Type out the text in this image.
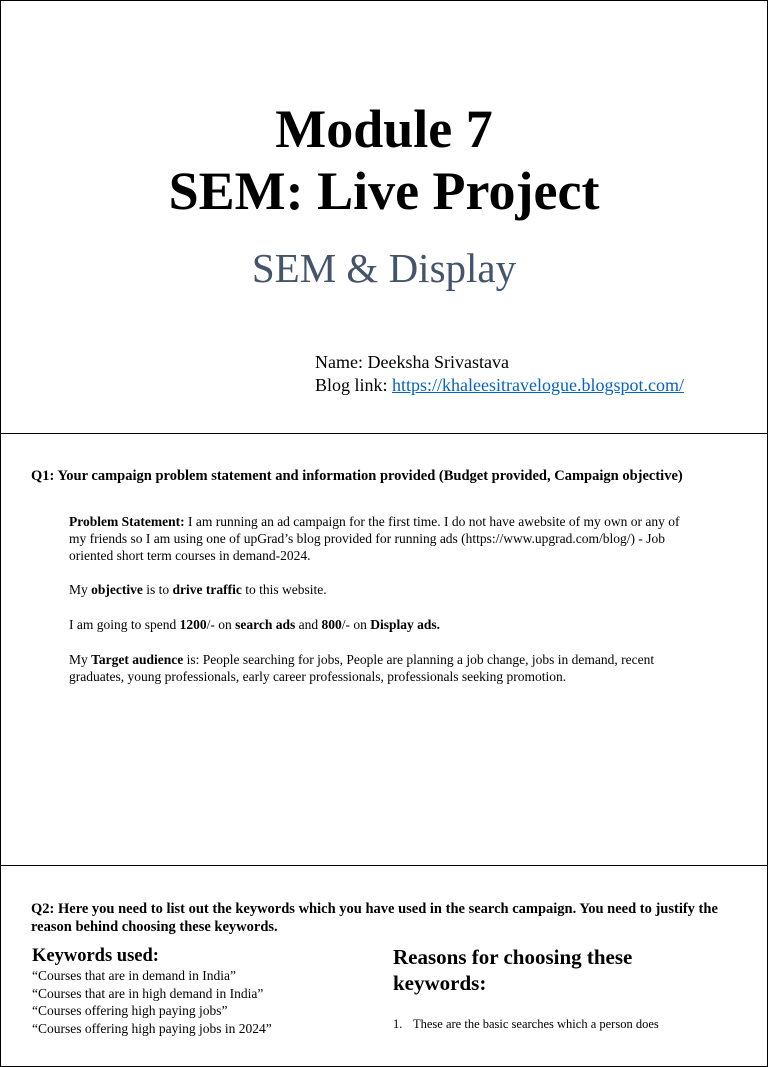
Module 7
SEM: Live Project
SEM & Display
Name: Deeksha Srivastava
Blog link: https://khaleesitravelogue.blogspot.com/
Q1: Your campaign problem statement and information provided (Budget provided, Campaign objective)
Problem Statement: I am running an ad campaign for the first time. I do not have awebsite of my own or any of my friends so I am using one of upGrad’s blog provided for running ads (https://www.upgrad.com/blog/) - Job oriented short term courses in demand-2024.
My objective is to drive traffic to this website.
I am going to spend 1200/- on search ads and 800/- on Display ads.
My Target audience is: People searching for jobs, People are planning a job change, jobs in demand, recent graduates, young professionals, early career professionals, professionals seeking promotion.
Q2: Here you need to list out the keywords which you have used in the search campaign. You need to justify the reason behind choosing these keywords.
Keywords used:
“Courses that are in demand in India”
“Courses that are in high demand in India”
“Courses offering high paying jobs”
“Courses offering high paying jobs in 2024”
Reasons for choosing these keywords:
1. These are the basic searches which a person does
